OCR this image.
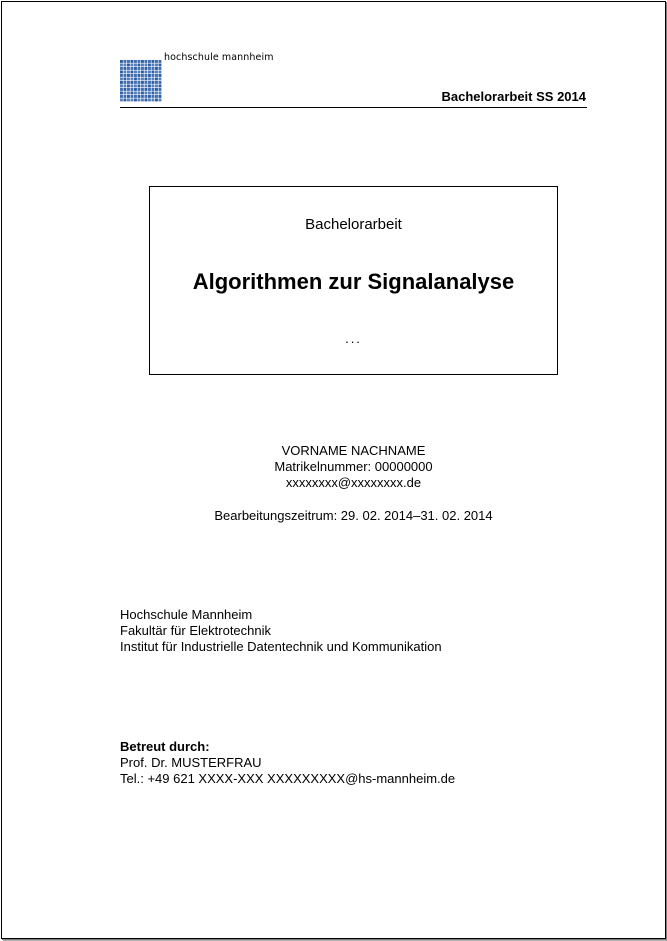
hochschule mannheim
Bachelorarbeit SS 2014
Bachelorarbeit
Algorithmen zur Signalanalyse
...
VORNAME NACHNAME
Matrikelnummer: 00000000
xxxxxxxx@xxxxxxxx.de
Bearbeitungszeitrum: 29. 02. 2014–31. 02. 2014
Hochschule Mannheim
Fakultär für Elektrotechnik
Institut für Industrielle Datentechnik und Kommunikation
Betreut durch:
Prof. Dr. MUSTERFRAU
Tel.: +49 621 XXXX-XXX XXXXXXXXX@hs-mannheim.de
